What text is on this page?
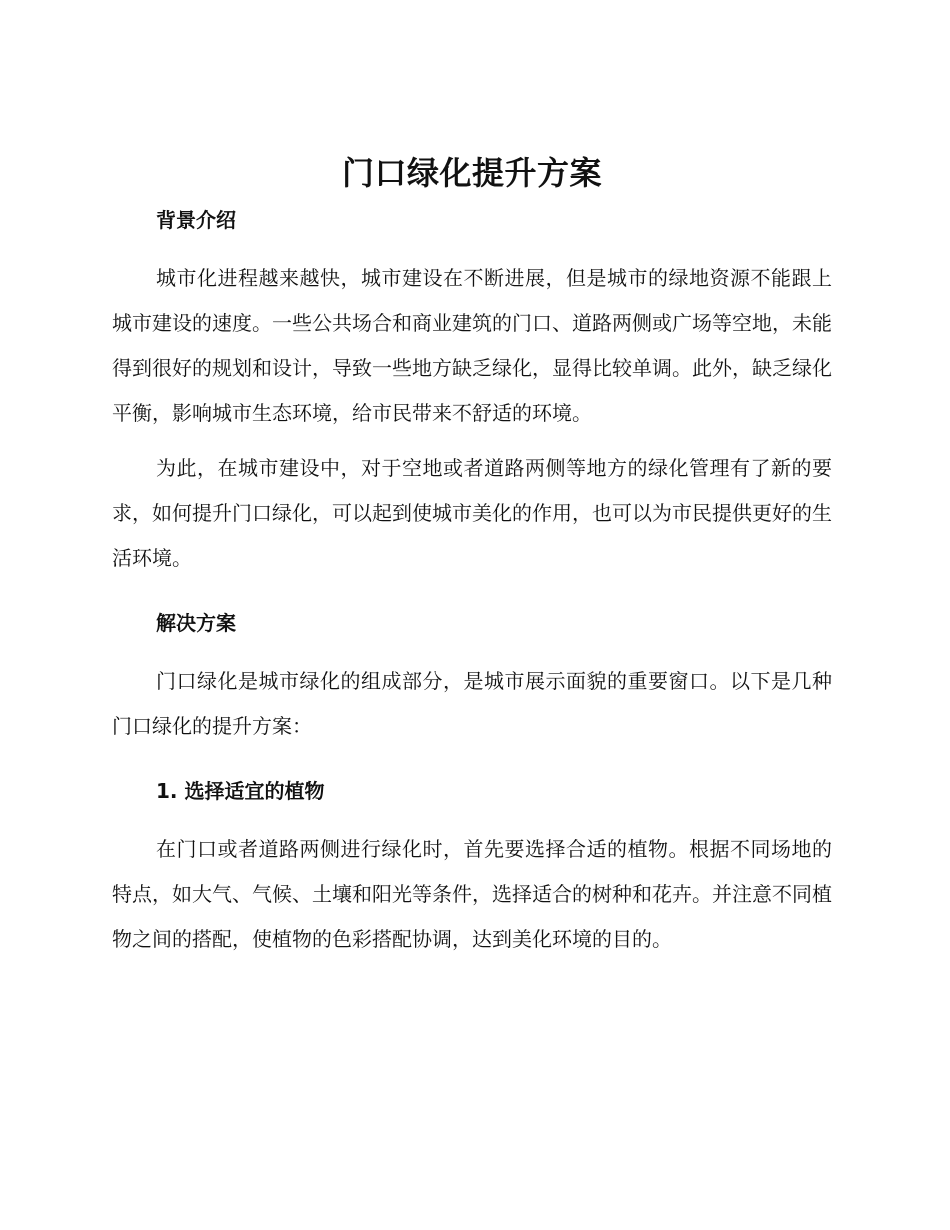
门口绿化提升方案
背景介绍

城市化进程越来越快，城市建设在不断进展，但是城市的绿地资源不能跟上城市建设的速度。一些公共场合和商业建筑的门口、道路两侧或广场等空地，未能得到很好的规划和设计，导致一些地方缺乏绿化，显得比较单调。此外，缺乏绿化平衡，影响城市生态环境，给市民带来不舒适的环境。

为此，在城市建设中，对于空地或者道路两侧等地方的绿化管理有了新的要求，如何提升门口绿化，可以起到使城市美化的作用，也可以为市民提供更好的生活环境。

解决方案

门口绿化是城市绿化的组成部分，是城市展示面貌的重要窗口。以下是几种门口绿化的提升方案：

1. 选择适宜的植物

在门口或者道路两侧进行绿化时，首先要选择合适的植物。根据不同场地的特点，如大气、气候、土壤和阳光等条件，选择适合的树种和花卉。并注意不同植物之间的搭配，使植物的色彩搭配协调，达到美化环境的目的。
